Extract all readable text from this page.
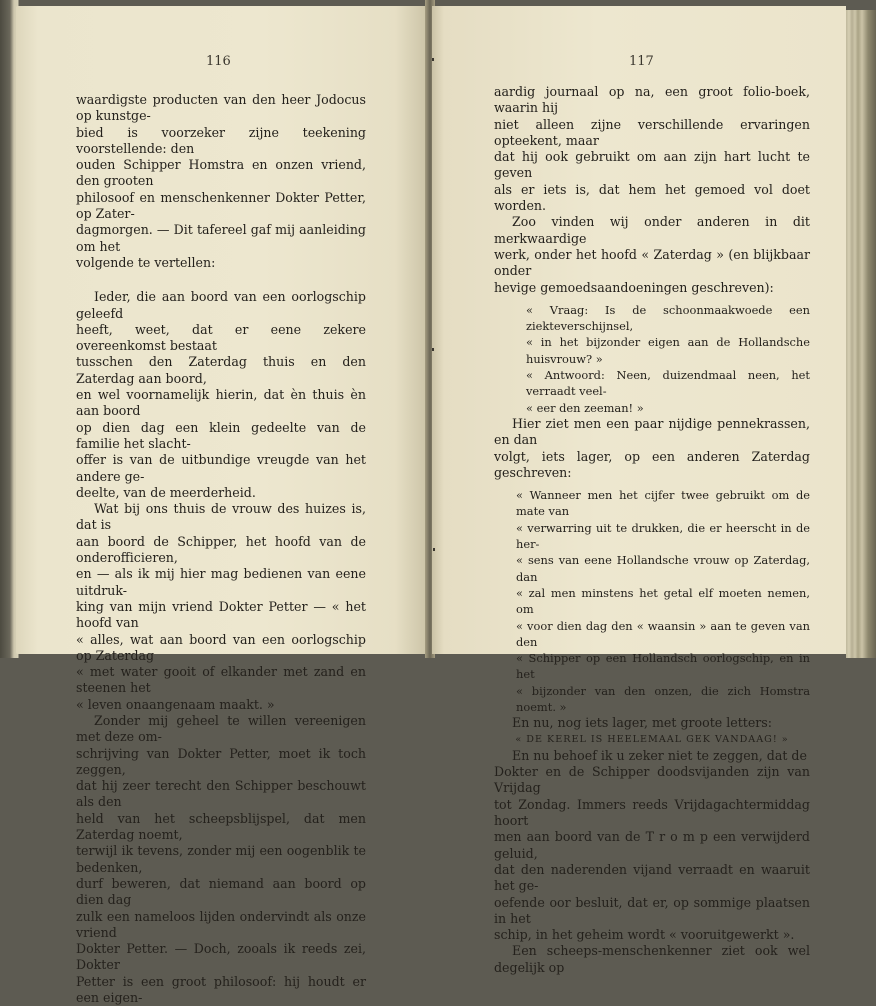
116

waardigste producten van den heer Jodocus op kunstge-

bied is voorzeker zijne teekening voorstellende: den

ouden Schipper Homstra en onzen vriend, den grooten

philosoof en menschenkenner Dokter Petter, op Zater-

dagmorgen. — Dit tafereel gaf mij aanleiding om het

volgende te vertellen:

Ieder, die aan boord van een oorlogschip geleefd

heeft, weet, dat er eene zekere overeenkomst bestaat

tusschen den Zaterdag thuis en den Zaterdag aan boord,

en wel voornamelijk hierin, dat èn thuis èn aan boord

op dien dag een klein gedeelte van de familie het slacht-

offer is van de uitbundige vreugde van het andere ge-

deelte, van de meerderheid.

Wat bij ons thuis de vrouw des huizes is, dat is

aan boord de Schipper, het hoofd van de onderofficieren,

en — als ik mij hier mag bedienen van eene uitdruk-

king van mijn vriend Dokter Petter — « het hoofd van

« alles, wat aan boord van een oorlogschip op Zaterdag

« met water gooit of elkander met zand en steenen het

« leven onaangenaam maakt. »

Zonder mij geheel te willen vereenigen met deze om-

schrijving van Dokter Petter, moet ik toch zeggen,

dat hij zeer terecht den Schipper beschouwt als den

held van het scheepsblijspel, dat men Zaterdag noemt,

terwijl ik tevens, zonder mij een oogenblik te bedenken,

durf beweren, dat niemand aan boord op dien dag

zulk een nameloos lijden ondervindt als onze vriend

Dokter Petter. — Doch, zooals ik reeds zei, Dokter

Petter is een groot philosoof: hij houdt er een eigen-

117

aardig journaal op na, een groot folio-boek, waarin hij

niet alleen zijne verschillende ervaringen opteekent, maar

dat hij ook gebruikt om aan zijn hart lucht te geven

als er iets is, dat hem het gemoed vol doet worden.

Zoo vinden wij onder anderen in dit merkwaardige

werk, onder het hoofd « Zaterdag » (en blijkbaar onder

hevige gemoedsaandoeningen geschreven):

« Vraag: Is de schoonmaakwoede een ziekteverschijnsel,

« in het bijzonder eigen aan de Hollandsche huisvrouw? »

« Antwoord: Neen, duizendmaal neen, het verraadt veel-

« eer den zeeman! »

Hier ziet men een paar nijdige pennekrassen, en dan

volgt, iets lager, op een anderen Zaterdag geschreven:

« Wanneer men het cijfer twee gebruikt om de mate van

« verwarring uit te drukken, die er heerscht in de her-

« sens van eene Hollandsche vrouw op Zaterdag, dan

« zal men minstens het getal elf moeten nemen, om

« voor dien dag den « waansin » aan te geven van den

« Schipper op een Hollandsch oorlogschip, en in het

« bijzonder van den onzen, die zich Homstra noemt. »

En nu, nog iets lager, met groote letters:

« DE KEREL IS HEELEMAAL GEK VANDAAG! »

En nu behoef ik u zeker niet te zeggen, dat de

Dokter en de Schipper doodsvijanden zijn van Vrijdag

tot Zondag. Immers reeds Vrijdagachtermiddag hoort

men aan boord van de T r o m p een verwijderd geluid,

dat den naderenden vijand verraadt en waaruit het ge-

oefende oor besluit, dat er, op sommige plaatsen in het

schip, in het geheim wordt « vooruitgewerkt ».

Een scheeps-menschenkenner ziet ook wel degelijk op
